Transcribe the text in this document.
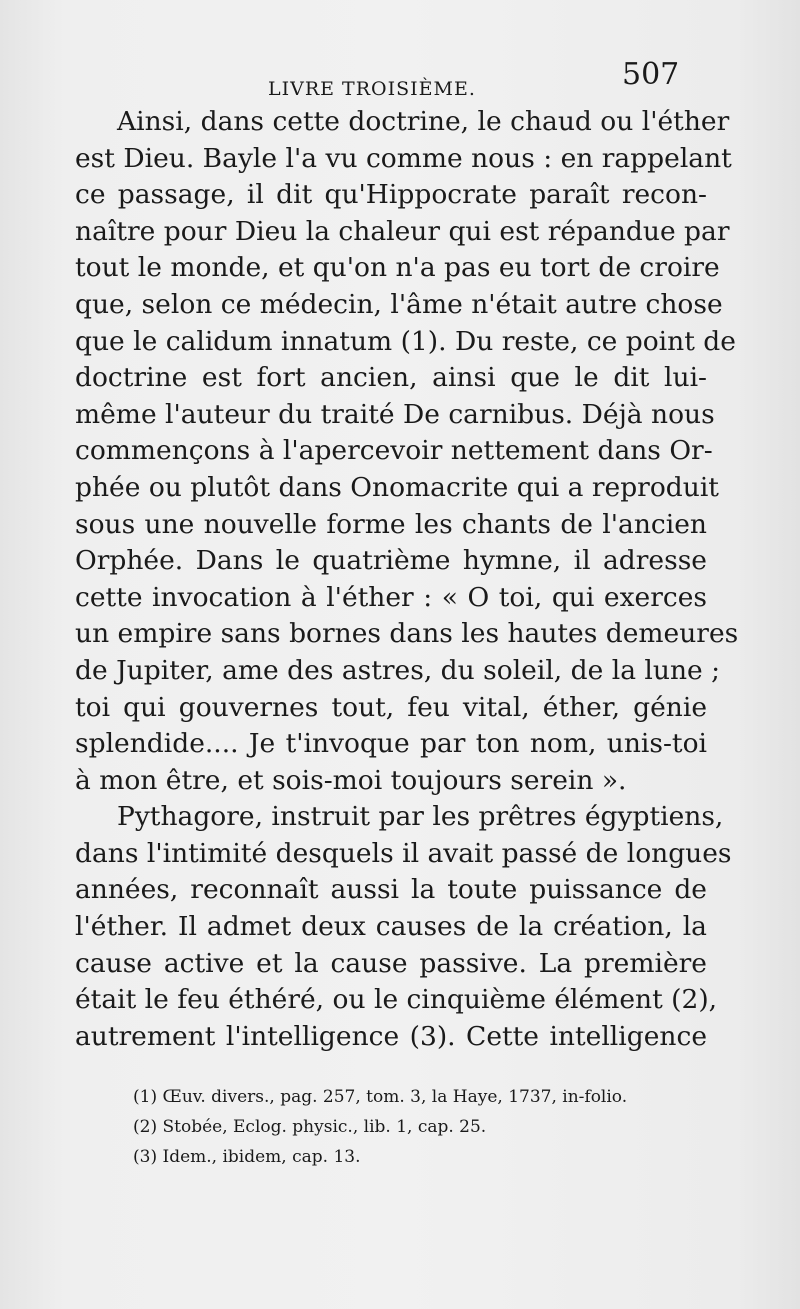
LIVRE TROISIÈME.	507
Ainsi, dans cette doctrine, le chaud ou l'éther
est Dieu. Bayle l'a vu comme nous : en rappelant
ce passage, il dit qu'Hippocrate paraît recon-
naître pour Dieu la chaleur qui est répandue par
tout le monde, et qu'on n'a pas eu tort de croire
que, selon ce médecin, l'âme n'était autre chose
que le calidum innatum (1). Du reste, ce point de
doctrine est fort ancien, ainsi que le dit lui-
même l'auteur du traité De carnibus. Déjà nous
commençons à l'apercevoir nettement dans Or-
phée ou plutôt dans Onomacrite qui a reproduit
sous une nouvelle forme les chants de l'ancien
Orphée. Dans le quatrième hymne, il adresse
cette invocation à l'éther : « O toi, qui exerces
un empire sans bornes dans les hautes demeures
de Jupiter, ame des astres, du soleil, de la lune ;
toi qui gouvernes tout, feu vital, éther, génie
splendide.... Je t'invoque par ton nom, unis-toi
à mon être, et sois-moi toujours serein ».
Pythagore, instruit par les prêtres égyptiens,
dans l'intimité desquels il avait passé de longues
années, reconnaît aussi la toute puissance de
l'éther. Il admet deux causes de la création, la
cause active et la cause passive. La première
était le feu éthéré, ou le cinquième élément (2),
autrement l'intelligence (3). Cette intelligence
(1) Œuv. divers., pag. 257, tom. 3, la Haye, 1737, in-folio.
(2) Stobée, Eclog. physic., lib. 1, cap. 25.
(3) Idem., ibidem, cap. 13.
